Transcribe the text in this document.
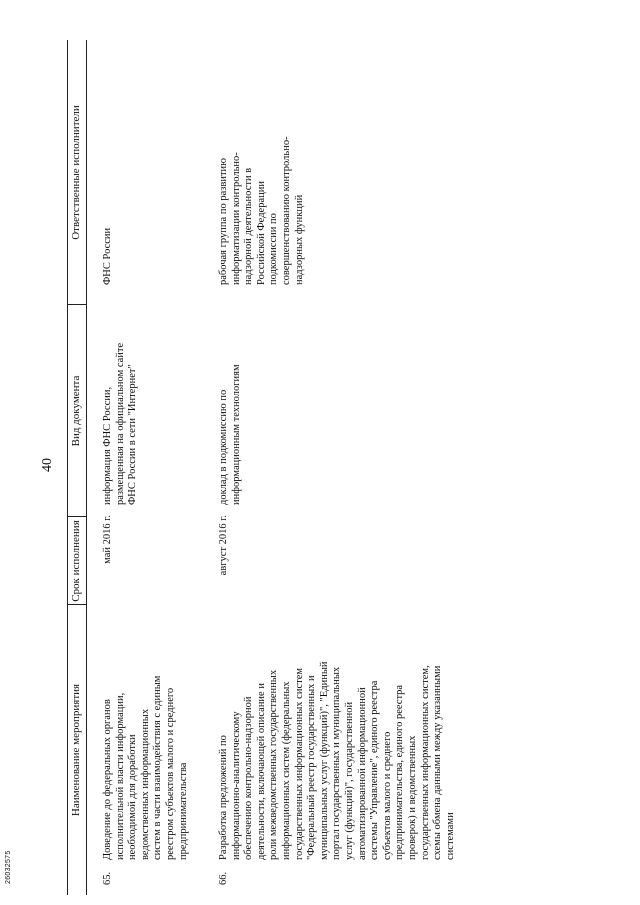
40
Наименование мероприятия
Срок исполнения
Вид документа
Ответственные исполнители
65.
Доведение до федеральных органов исполнительной власти информации, необходимой для доработки ведомственных информационных систем в части взаимодействия с единым реестром субъектов малого и среднего предпринимательства
май 2016 г.
информация ФНС России, размещенная на официальном сайте ФНС России в сети "Интернет"
ФНС России
66.
Разработка предложений по информационно-аналитическому обеспечению контрольно-надзорной деятельности, включающей описание и роли межведомственных государственных информационных систем (федеральных государственных информационных систем "Федеральный реестр государственных и муниципальных услуг (функций)", "Единый портал государственных и муниципальных услуг (функций)", государственной автоматизированной информационной системы "Управление", единого реестра субъектов малого и среднего предпринимательства, единого реестра проверок) и ведомственных государственных информационных систем, схемы обмена данными между указанными системами
август 2016 г.
доклад в подкомиссию по информационным технологиям
рабочая группа по развитию информатизации контрольно- надзорной деятельности в Российской Федерации подкомиссии по совершенствованию контрольно- надзорных функций
26032575
